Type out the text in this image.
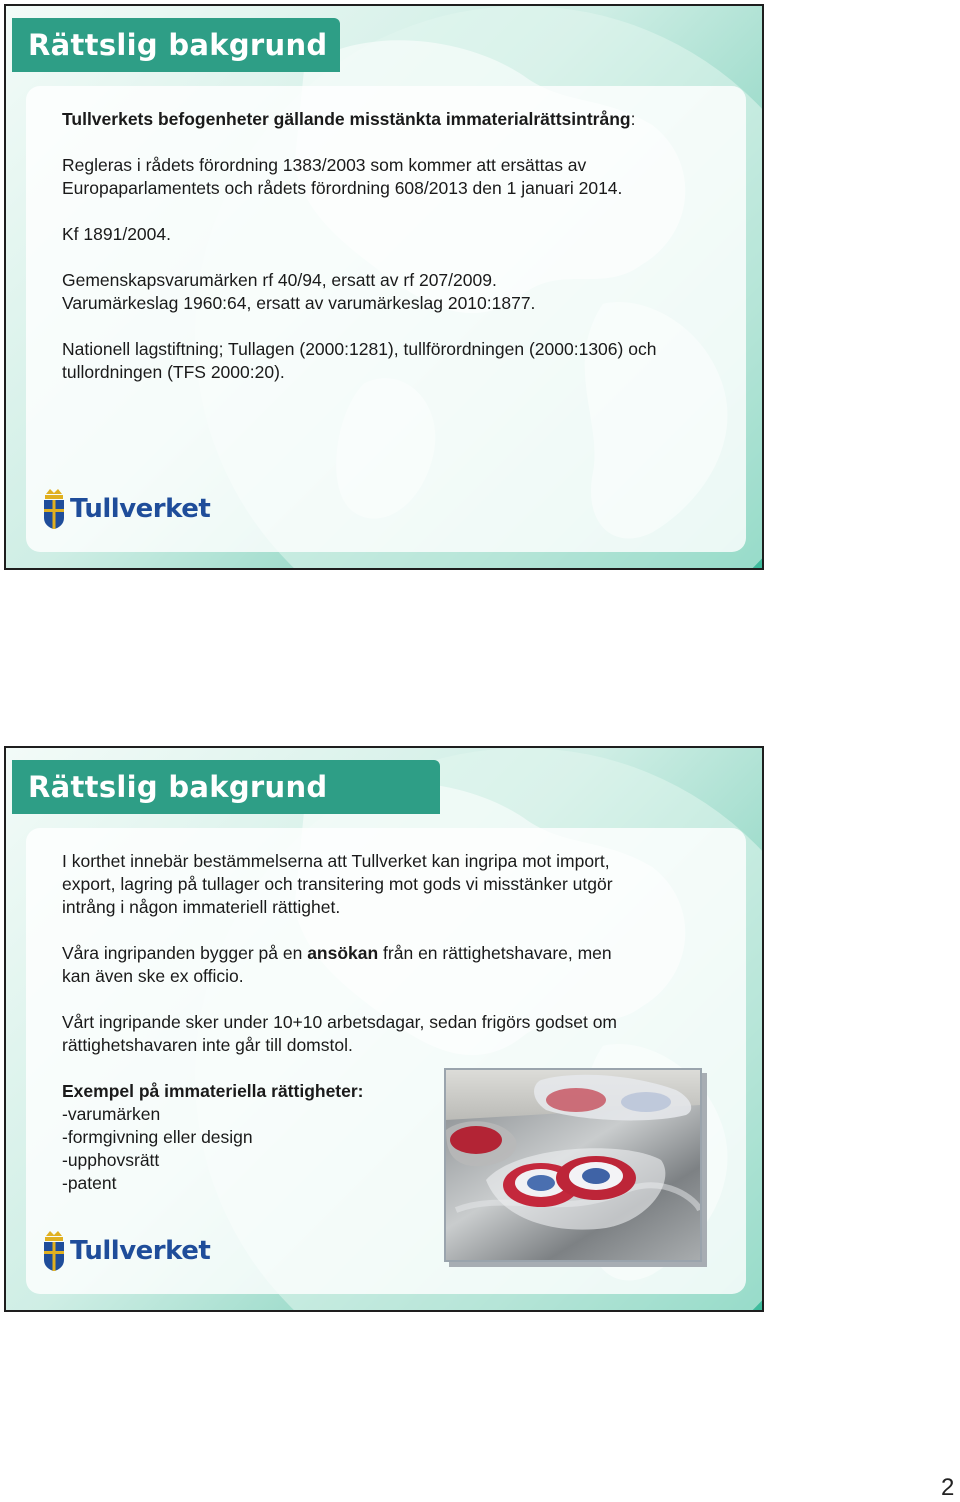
Rättslig bakgrund

Tullverkets befogenheter gällande misstänkta immaterialrättsintrång:

Regleras i rådets förordning 1383/2003 som kommer att ersättas av
Europaparlamentets och rådets förordning 608/2013 den 1 januari 2014.

Kf 1891/2004.

Gemenskapsvarumärken rf 40/94, ersatt av rf 207/2009.
Varumärkeslag 1960:64, ersatt av varumärkeslag 2010:1877.

Nationell lagstiftning; Tullagen (2000:1281), tullförordningen (2000:1306) och
tullordningen (TFS 2000:20).

Tullverket
Rättslig bakgrund

I korthet innebär bestämmelserna att Tullverket kan ingripa mot import,
export, lagring på tullager och transitering mot gods vi misstänker utgör
intrång i någon immateriell rättighet.

Våra ingripanden bygger på en ansökan från en rättighetshavare, men
kan även ske ex officio.

Vårt ingripande sker under 10+10 arbetsdagar, sedan frigörs godset om
rättighetshavaren inte går till domstol.

Exempel på immateriella rättigheter:
-varumärken
-formgivning eller design
-upphovsrätt
-patent
Tullverket
2
